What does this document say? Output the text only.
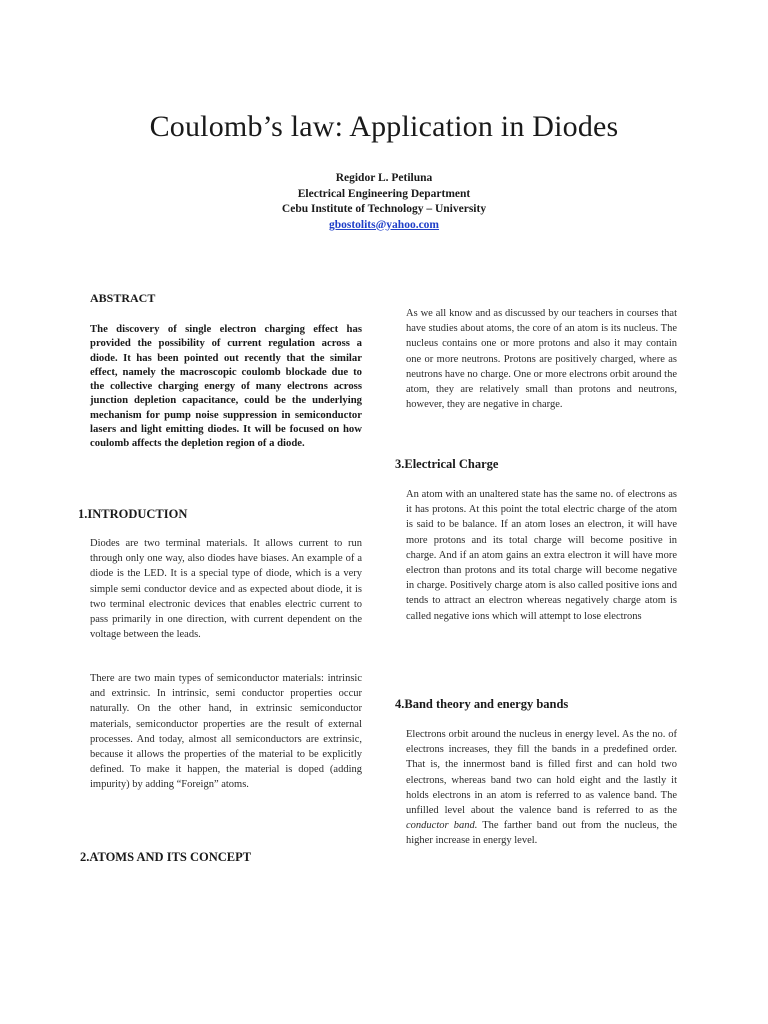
Coulomb’s law: Application in Diodes
Regidor L. Petiluna
Electrical Engineering Department
Cebu Institute of Technology – University
gbostolits@yahoo.com

ABSTRACT

The discovery of single electron charging effect has provided the possibility of current regulation across a diode. It has been pointed out recently that the similar effect, namely the macroscopic coulomb blockade due to the collective charging energy of many electrons across junction depletion capacitance, could be the underlying mechanism for pump noise suppression in semiconductor lasers and light emitting diodes. It will be focused on how coulomb affects the depletion region of a diode.

1.INTRODUCTION

Diodes are two terminal materials. It allows current to run through only one way, also diodes have biases. An example of a diode is the LED. It is a special type of diode, which is a very simple semi conductor device and as expected about diode, it is two terminal electronic devices that enables electric current to pass primarily in one direction, with current dependent on the voltage between the leads.

There are two main types of semiconductor materials: intrinsic and extrinsic. In intrinsic, semi conductor properties occur naturally. On the other hand, in extrinsic semiconductor materials, semiconductor properties are the result of external processes. And today, almost all semiconductors are extrinsic, because it allows the properties of the material to be explicitly defined. To make it happen, the material is doped (adding impurity) by adding “Foreign” atoms.

2.ATOMS AND ITS CONCEPT

As we all know and as discussed by our teachers in courses that have studies about atoms, the core of an atom is its nucleus. The nucleus contains one or more protons and also it may contain one or more neutrons. Protons are positively charged, where as neutrons have no charge. One or more electrons orbit around the atom, they are relatively small than protons and neutrons, however, they are negative in charge.

3.Electrical Charge

An atom with an unaltered state has the same no. of electrons as it has protons. At this point the total electric charge of the atom is said to be balance. If an atom loses an electron, it will have more protons and its total charge will become positive in charge. And if an atom gains an extra electron it will have more electron than protons and its total charge will become negative in charge. Positively charge atom is also called positive ions and tends to attract an electron whereas negatively charge atom is called negative ions which will attempt to lose electrons

4.Band theory and energy bands

Electrons orbit around the nucleus in energy level. As the no. of electrons increases, they fill the bands in a predefined order. That is, the innermost band is filled first and can hold two electrons, whereas band two can hold eight and the lastly it holds electrons in an atom is referred to as valence band. The unfilled level about the valence band is referred to as the conductor band. The farther band out from the nucleus, the higher increase in energy level.
